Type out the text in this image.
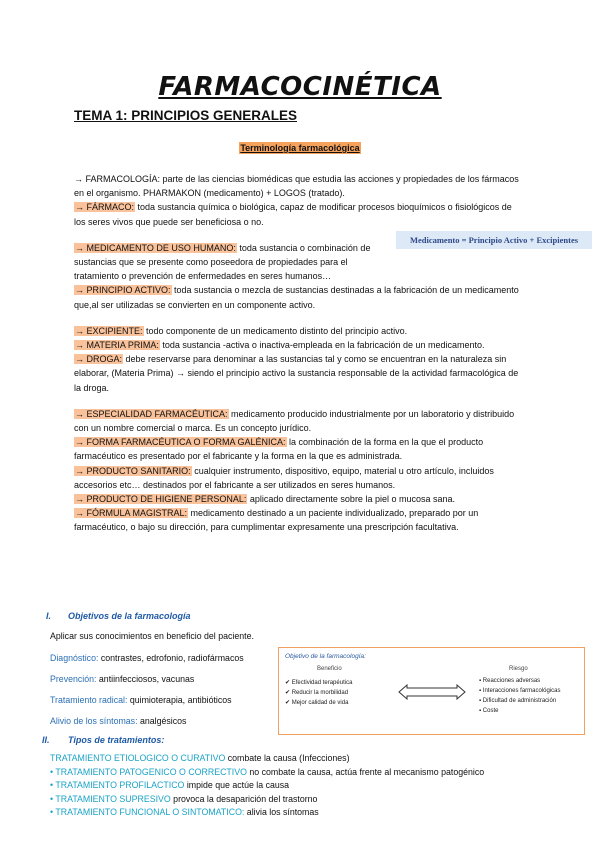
FARMACOCINÉTICA
TEMA 1: PRINCIPIOS GENERALES
Terminología farmacológica
Medicamento = Principio Activo + Excipientes

→ FARMACOLOGÍA: parte de las ciencias biomédicas que estudia las acciones y propiedades de los fármacos en el organismo. PHARMAKON (medicamento) + LOGOS (tratado).

→ FÁRMACO: toda sustancia química o biológica, capaz de modificar procesos bioquímicos o fisiológicos de los seres vivos que puede ser beneficiosa o no.

→ MEDICAMENTO DE USO HUMANO: toda sustancia o combinación de sustancias que se presente como poseedora de propiedades para el tratamiento o prevención de enfermedades en seres humanos…

→ PRINCIPIO ACTIVO: toda sustancia o mezcla de sustancias destinadas a la fabricación de un medicamento que,al ser utilizadas se convierten en un componente activo.

→ EXCIPIENTE: todo componente de un medicamento distinto del principio activo.

→ MATERIA PRIMA: toda sustancia -activa o inactiva-empleada en la fabricación de un medicamento.

→ DROGA: debe reservarse para denominar a las sustancias tal y como se encuentran en la naturaleza sin elaborar, (Materia Prima) → siendo el principio activo la sustancia responsable de la actividad farmacológica de la droga.

→ ESPECIALIDAD FARMACÉUTICA: medicamento producido industrialmente por un laboratorio y distribuido con un nombre comercial o marca. Es un concepto jurídico.

→ FORMA FARMACÉUTICA O FORMA GALÉNICA: la combinación de la forma en la que el producto farmacéutico es presentado por el fabricante y la forma en la que es administrada.

→ PRODUCTO SANITARIO: cualquier instrumento, dispositivo, equipo, material u otro artículo, incluidos accesorios etc… destinados por el fabricante a ser utilizados en seres humanos.

→ PRODUCTO DE HIGIENE PERSONAL: aplicado directamente sobre la piel o mucosa sana.

→ FÓRMULA MAGISTRAL: medicamento destinado a un paciente individualizado, preparado por un farmacéutico, o bajo su dirección, para cumplimentar expresamente una prescripción facultativa.

I. Objetivos de la farmacología
Aplicar sus conocimientos en beneficio del paciente.

Diagnóstico: contrastes, edrofonio, radiofármacos

Prevención: antiinfecciosos, vacunas

Tratamiento radical: quimioterapia, antibióticos

Alivio de los síntomas: analgésicos

Objetivo de la farmacología:
Beneficio	Riesgo

✔ Efectividad terapéutica

✔ Reducir la morbilidad

✔ Mejor calidad de vida

▪ Reacciones adversas

▪ Interacciones farmacológicas

▪ Dificultad de administración

▪ Coste

II. Tipos de tratamientos:

TRATAMIENTO ETIOLOGICO O CURATIVO combate la causa (Infecciones)

• TRATAMIENTO PATOGENICO O CORRECTIVO no combate la causa, actúa frente al mecanismo patogénico

• TRATAMIENTO PROFILACTICO impide que actúe la causa

• TRATAMIENTO SUPRESIVO provoca la desaparición del trastorno

• TRATAMIENTO FUNCIONAL O SINTOMATICO: alivia los síntomas
